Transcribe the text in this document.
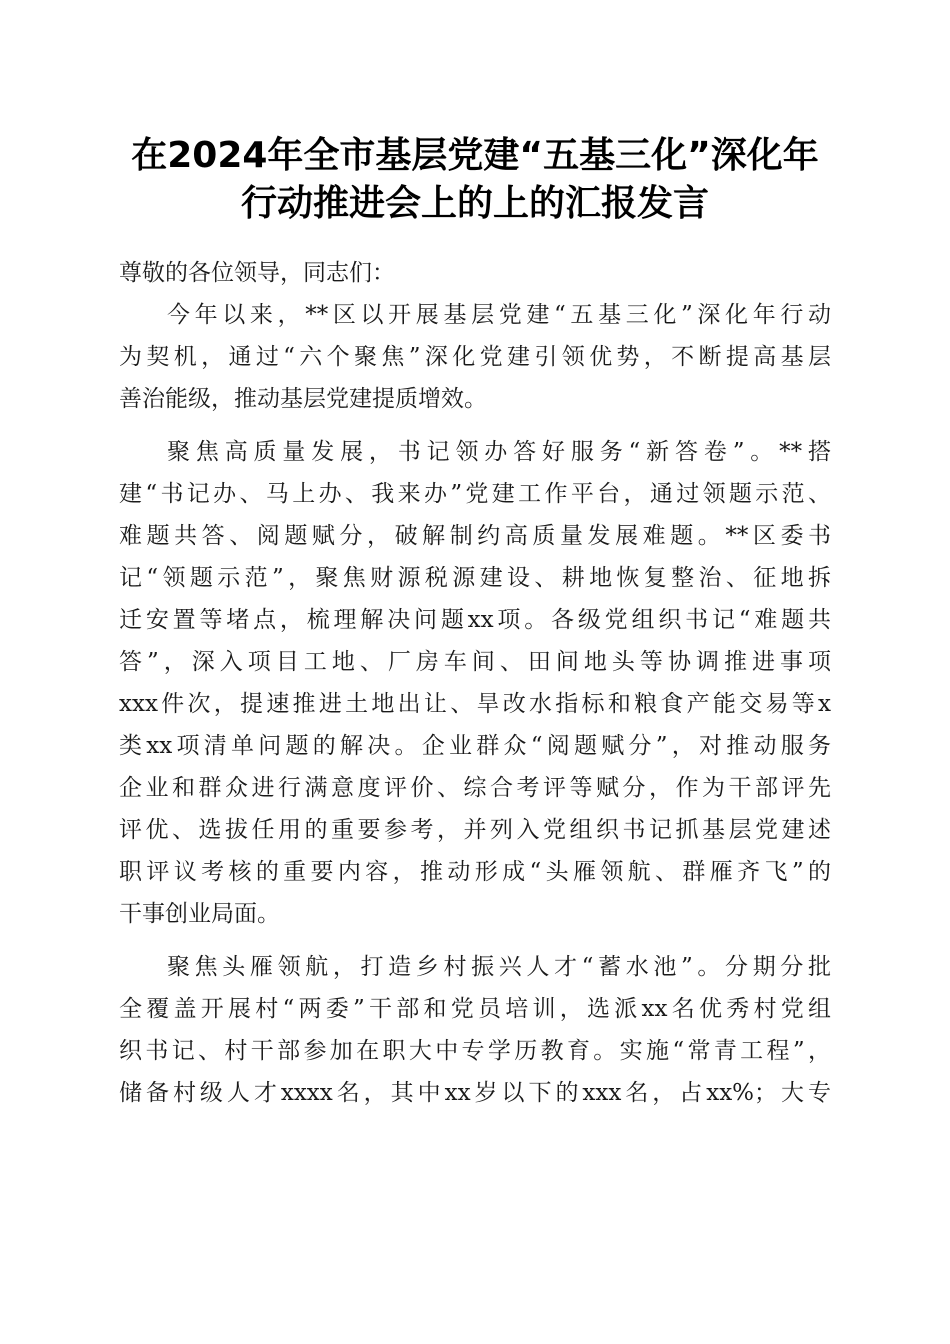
在2024年全市基层党建“五基三化”深化年
行动推进会上的上的汇报发言
尊敬的各位领导，同志们：
今年以来，**区以开展基层党建“五基三化”深化年行动
为契机，通过“六个聚焦”深化党建引领优势，不断提高基层
善治能级，推动基层党建提质增效。
聚焦高质量发展，书记领办答好服务“新答卷”。**搭
建“书记办、马上办、我来办”党建工作平台，通过领题示范、
难题共答、阅题赋分，破解制约高质量发展难题。**区委书
记“领题示范”，聚焦财源税源建设、耕地恢复整治、征地拆
迁安置等堵点，梳理解决问题xx项。各级党组织书记“难题共
答”，深入项目工地、厂房车间、田间地头等协调推进事项
xxx件次，提速推进土地出让、旱改水指标和粮食产能交易等x
类xx项清单问题的解决。企业群众“阅题赋分”，对推动服务
企业和群众进行满意度评价、综合考评等赋分，作为干部评先
评优、选拔任用的重要参考，并列入党组织书记抓基层党建述
职评议考核的重要内容，推动形成“头雁领航、群雁齐飞”的
干事创业局面。
聚焦头雁领航，打造乡村振兴人才“蓄水池”。分期分批
全覆盖开展村“两委”干部和党员培训，选派xx名优秀村党组
织书记、村干部参加在职大中专学历教育。实施“常青工程”，
储备村级人才xxxx名，其中xx岁以下的xxx名，占xx%；大专
